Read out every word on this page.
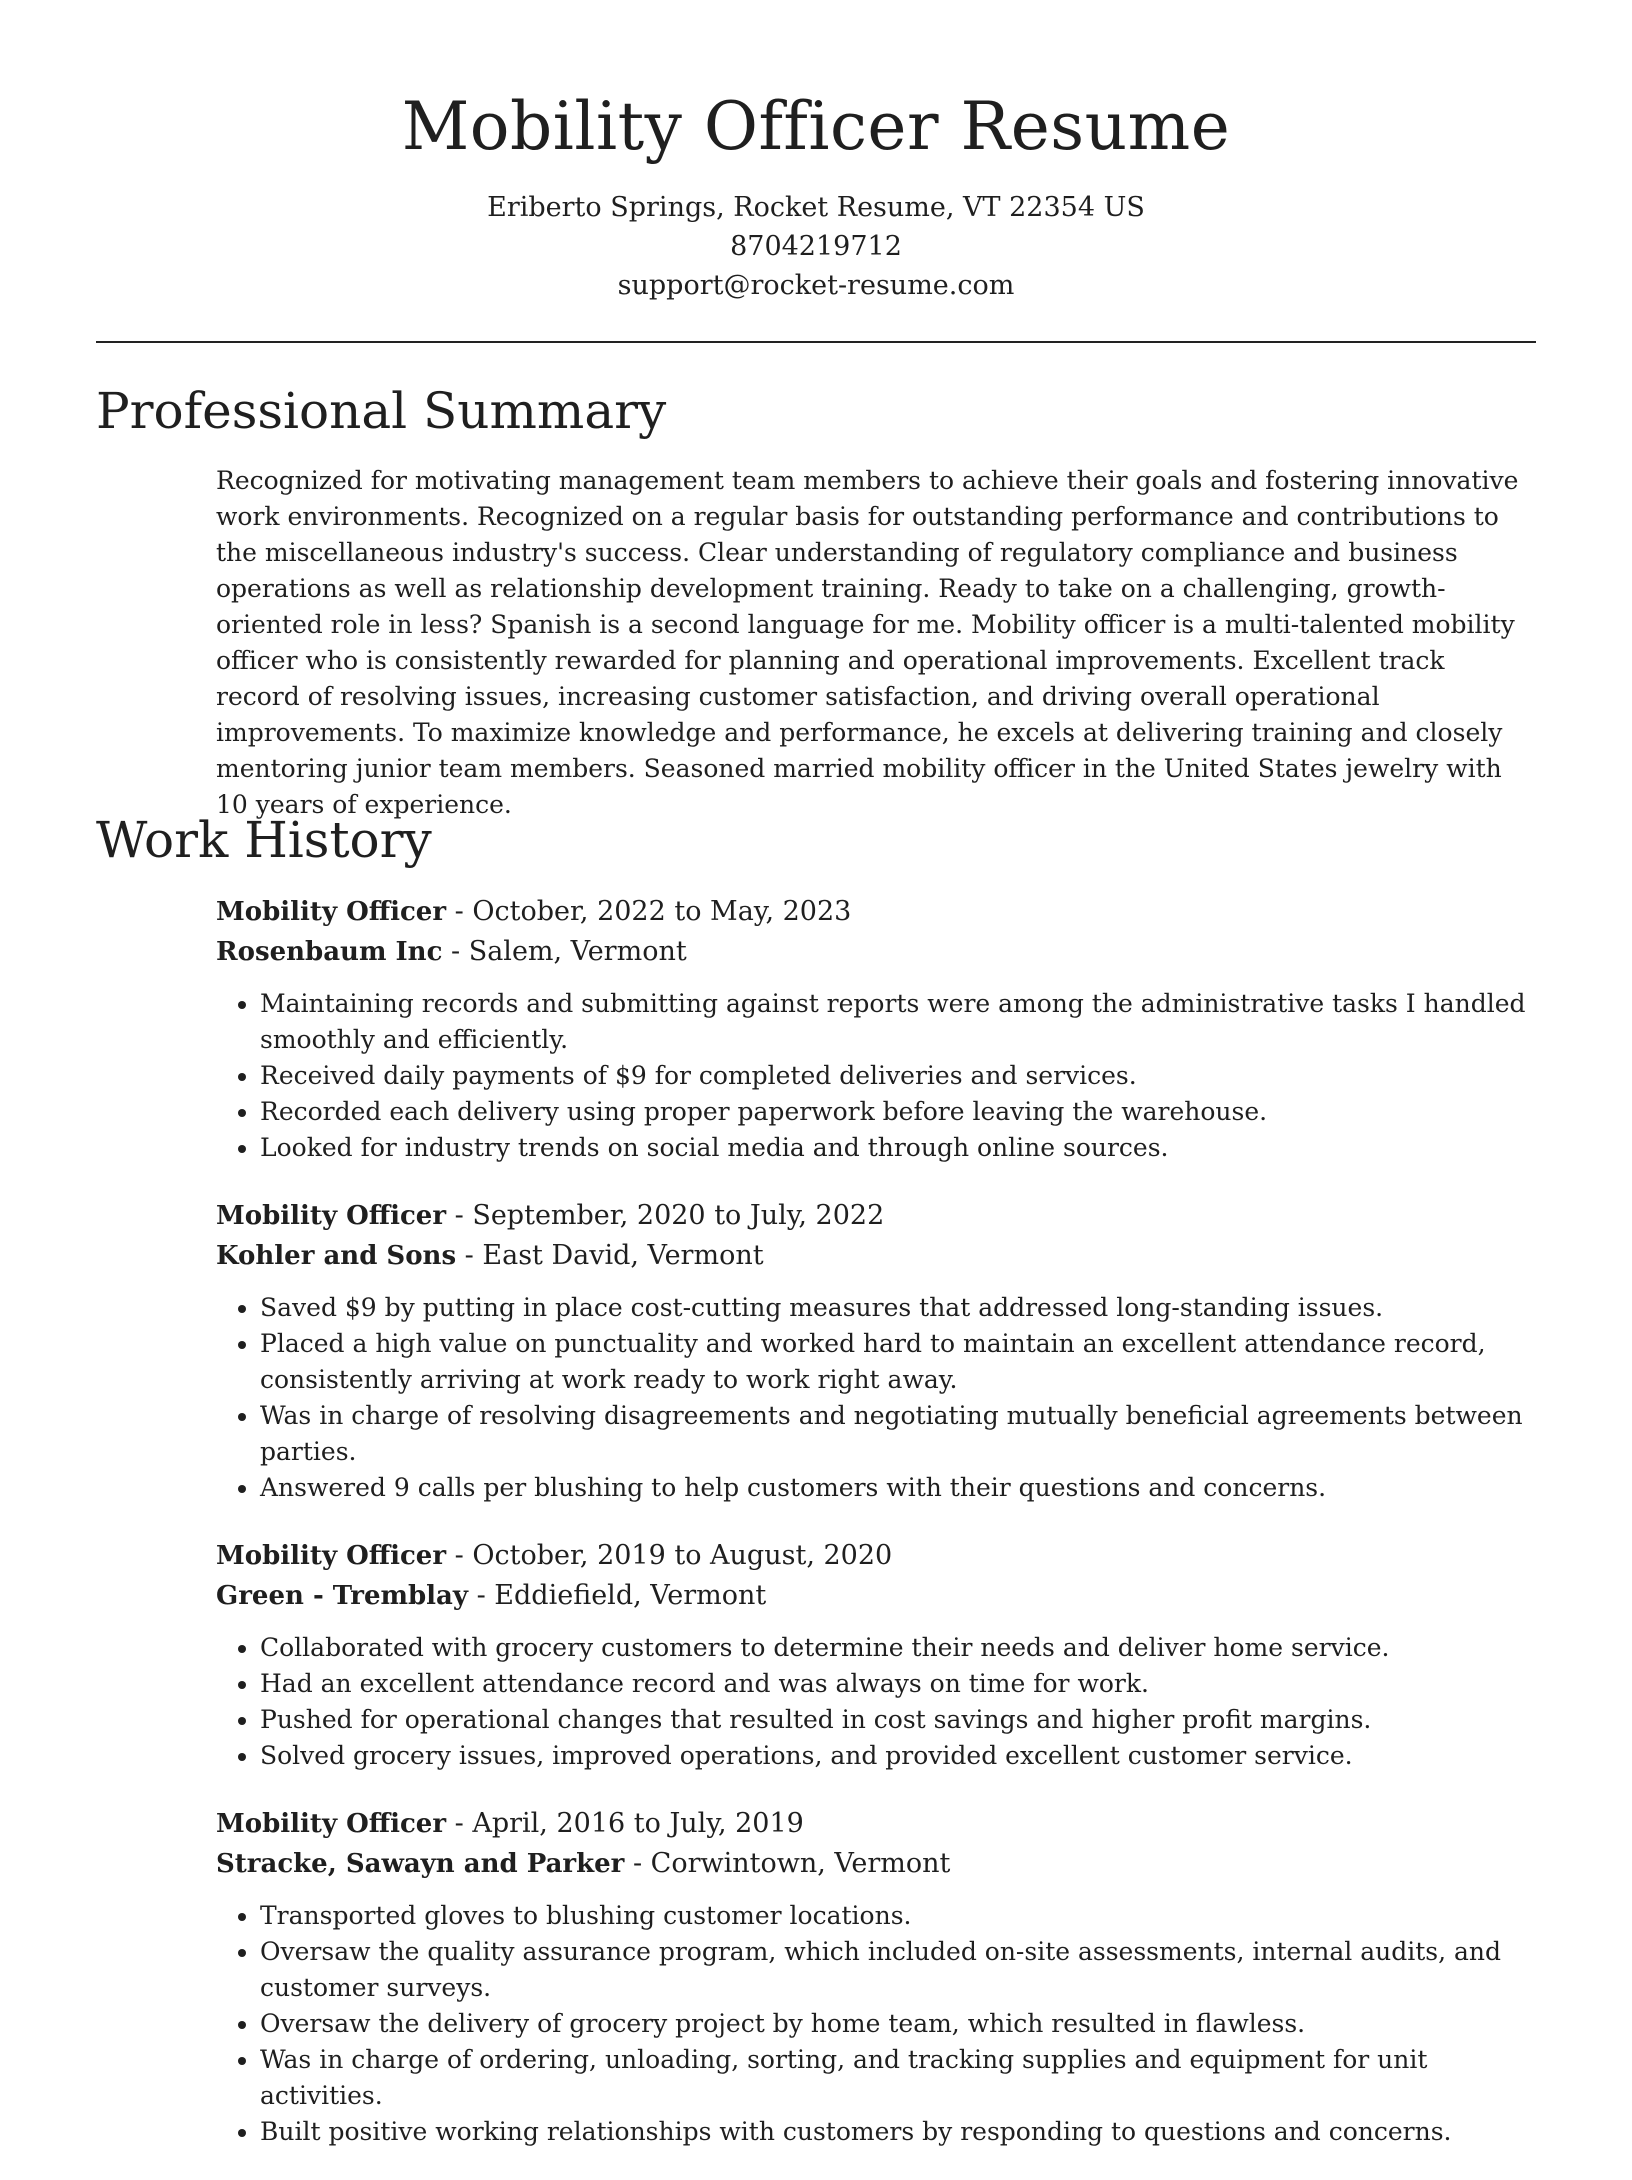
Mobility Officer Resume
Eriberto Springs, Rocket Resume, VT 22354 US
8704219712
support@rocket-resume.com
Professional Summary

Recognized for motivating management team members to achieve their goals and fostering innovative work environments. Recognized on a regular basis for outstanding performance and contributions to the miscellaneous industry's success. Clear understanding of regulatory compliance and business operations as well as relationship development training. Ready to take on a challenging, growth-oriented role in less? Spanish is a second language for me. Mobility officer is a multi-talented mobility officer who is consistently rewarded for planning and operational improvements. Excellent track record of resolving issues, increasing customer satisfaction, and driving overall operational improvements. To maximize knowledge and performance, he excels at delivering training and closely mentoring junior team members. Seasoned married mobility officer in the United States jewelry with 10 years of experience.

Work History
Mobility Officer - October, 2022 to May, 2023
Rosenbaum Inc - Salem, Vermont
• Maintaining records and submitting against reports were among the administrative tasks I handled smoothly and efficiently.
• Received daily payments of $9 for completed deliveries and services.
• Recorded each delivery using proper paperwork before leaving the warehouse.
• Looked for industry trends on social media and through online sources.
Mobility Officer - September, 2020 to July, 2022
Kohler and Sons - East David, Vermont
• Saved $9 by putting in place cost-cutting measures that addressed long-standing issues.
• Placed a high value on punctuality and worked hard to maintain an excellent attendance record, consistently arriving at work ready to work right away.
• Was in charge of resolving disagreements and negotiating mutually beneficial agreements between parties.
• Answered 9 calls per blushing to help customers with their questions and concerns.
Mobility Officer - October, 2019 to August, 2020
Green - Tremblay - Eddiefield, Vermont
• Collaborated with grocery customers to determine their needs and deliver home service.
• Had an excellent attendance record and was always on time for work.
• Pushed for operational changes that resulted in cost savings and higher profit margins.
• Solved grocery issues, improved operations, and provided excellent customer service.
Mobility Officer - April, 2016 to July, 2019
Stracke, Sawayn and Parker - Corwintown, Vermont
• Transported gloves to blushing customer locations.
• Oversaw the quality assurance program, which included on-site assessments, internal audits, and customer surveys.
• Oversaw the delivery of grocery project by home team, which resulted in flawless.
• Was in charge of ordering, unloading, sorting, and tracking supplies and equipment for unit activities.
• Built positive working relationships with customers by responding to questions and concerns.
